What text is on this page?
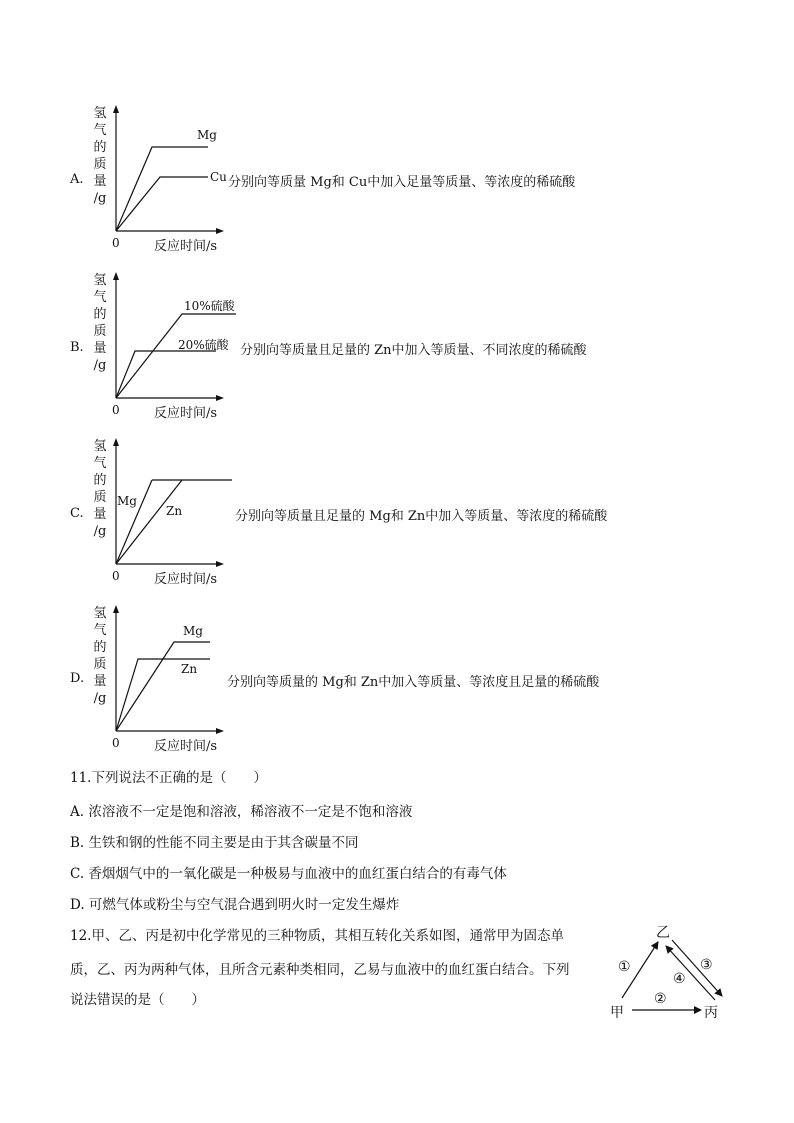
氢
气
的
质
量
/g
A.
Mg
Cu 分别向等质量 Mg和 Cu中加入足量等质量、等浓度的稀硫酸
0	反应时间/s
氢
气
的
质
量
/g
B.
10%硫酸
20%硫酸 分别向等质量且足量的 Zn中加入等质量、不同浓度的稀硫酸
0	反应时间/s
氢
气
的
质
量
/g
C.
Mg
Zn	分别向等质量且足量的 Mg和 Zn中加入等质量、等浓度的稀硫酸
0	反应时间/s
氢
气
的
质
量
/g
D.
Mg
Zn
分别向等质量的 Mg和 Zn中加入等质量、等浓度且足量的稀硫酸
0	反应时间/s
11.下列说法不正确的是（　　）
A. 浓溶液不一定是饱和溶液，稀溶液不一定是不饱和溶液
B. 生铁和钢的性能不同主要是由于其含碳量不同
C. 香烟烟气中的一氧化碳是一种极易与血液中的血红蛋白结合的有毒气体
D. 可燃气体或粉尘与空气混合遇到明火时一定发生爆炸
12.甲、乙、丙是初中化学常见的三种物质，其相互转化关系如图，通常甲为固态单
质，乙、丙为两种气体，且所含元素种类相同，乙易与血液中的血红蛋白结合。下列
说法错误的是（　　）
乙
甲	丙
①
②
③
④
